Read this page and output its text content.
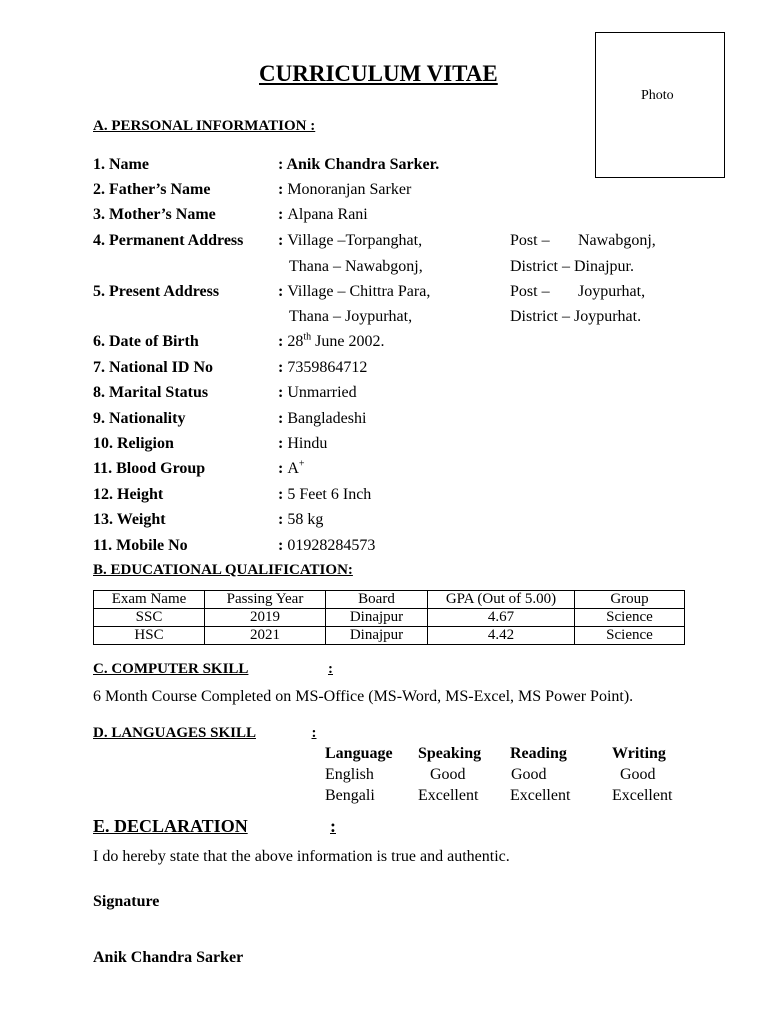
Photo
CURRICULUM VITAE
A. PERSONAL INFORMATION :
1. Name	: Anik Chandra Sarker.
2. Father’s Name	: Monoranjan Sarker
3. Mother’s Name	: Alpana Rani
4. Permanent Address : Village –Torpanghat,	Post – Nawabgonj,
Thana – Nawabgonj,	District – Dinajpur.
5. Present Address	: Village – Chittra Para,	Post – Joypurhat,
Thana – Joypurhat,	District – Joypurhat.
6. Date of Birth	: 28th June 2002.
7. National ID No	: 7359864712
8. Marital Status	: Unmarried
9. Nationality	: Bangladeshi
10. Religion	: Hindu
11. Blood Group	: A+
12. Height	: 5 Feet 6 Inch
13. Weight	: 58 kg
11. Mobile No	: 01928284573
B. EDUCATIONAL QUALIFICATION:
Exam Name	Passing Year	Board	GPA (Out of 5.00)	Group
SSC	2019	Dinajpur	4.67	Science
HSC	2021	Dinajpur	4.42	Science
C. COMPUTER SKILL	:
6 Month Course Completed on MS-Office (MS-Word, MS-Excel, MS Power Point).
D. LANGUAGES SKILL	:
Language Speaking Reading	Writing
English	Good	Good	Good
Bengali	Excellent Excellent	Excellent
E. DECLARATION	:
I do hereby state that the above information is true and authentic.
Signature
Anik Chandra Sarker
